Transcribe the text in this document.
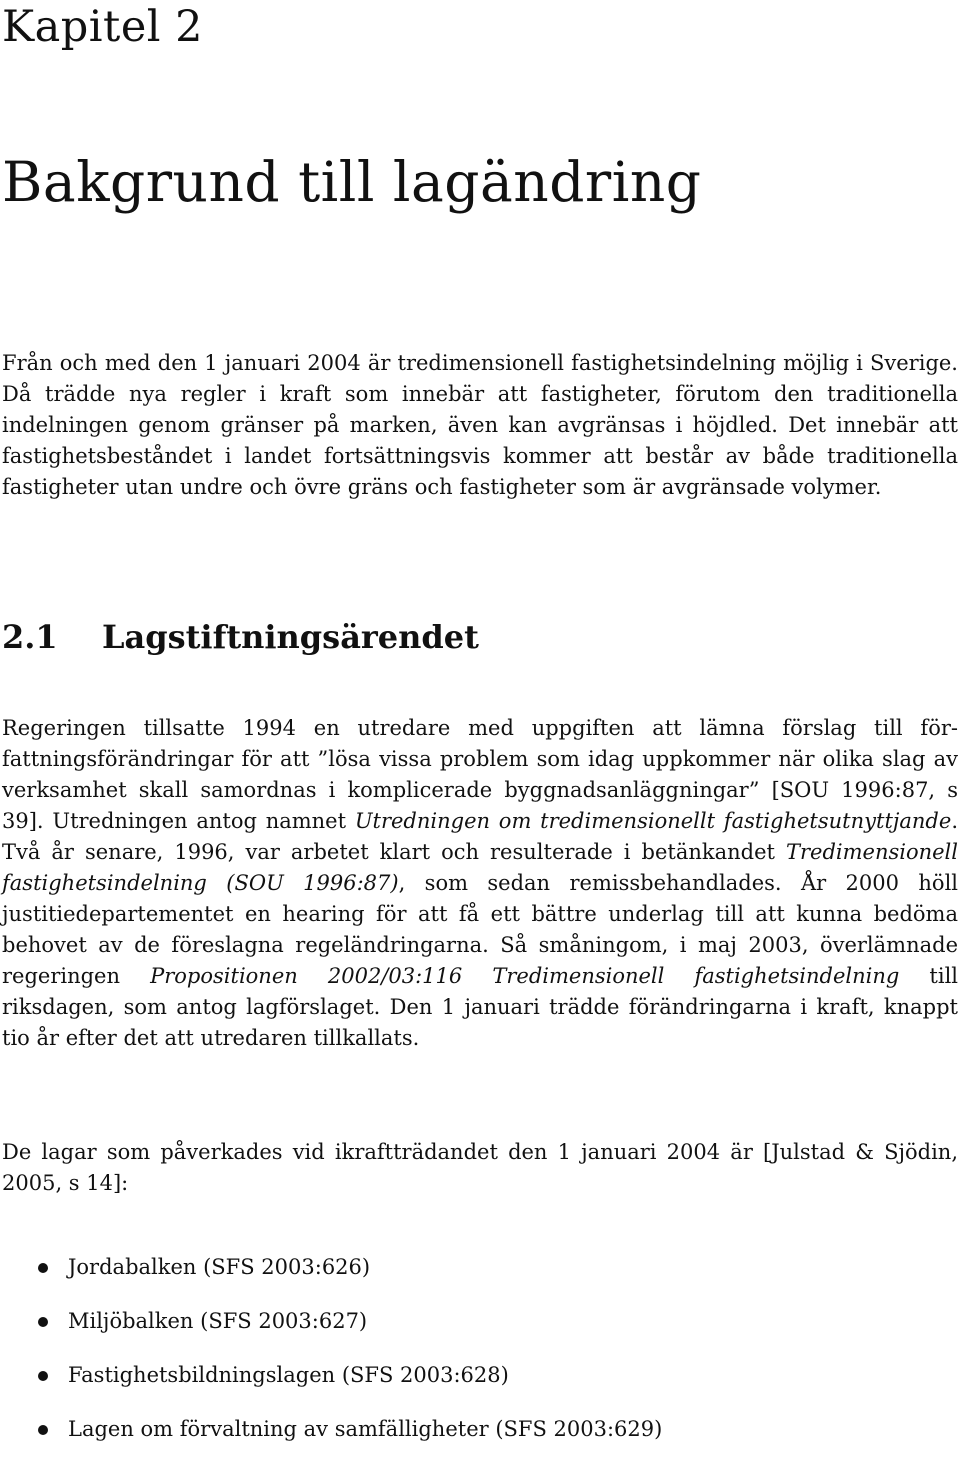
Kapitel 2
Bakgrund till lagändring

Från och med den 1 januari 2004 är tredimensionell fastighetsindelning möjlig i Sverige. Då trädde nya regler i kraft som innebär att fastigheter, förutom den traditionella indelningen genom gränser på marken, även kan avgränsas i höjdled. Det innebär att fastighetsbeståndet i landet fortsättningsvis kommer att består av både traditionella fastigheter utan undre och övre gräns och fastigheter som är avgränsade volymer.

2.1 Lagstiftningsärendet

Regeringen tillsatte 1994 en utredare med uppgiften att lämna förslag till författningsförändringar för att ”lösa vissa problem som idag uppkommer när olika slag av verksamhet skall samordnas i komplicerade byggnadsanläggningar” [SOU 1996:87, s 39]. Utredningen antog namnet Utredningen om tredimensionellt fastighetsutnyttjande. Två år senare, 1996, var arbetet klart och resulterade i betänkandet Tredimensionell fastighetsindelning (SOU 1996:87), som sedan remissbehandlades. År 2000 höll justitiedepartementet en hearing för att få ett bättre underlag till att kunna bedöma behovet av de föreslagna regeländringarna. Så småningom, i maj 2003, överlämnade regeringen Propositionen 2002/03:116 Tredimensionell fastighetsindelning till riksdagen, som antog lagförslaget. Den 1 januari trädde förändringarna i kraft, knappt tio år efter det att utredaren tillkallats.

De lagar som påverkades vid ikraftträdandet den 1 januari 2004 är [Julstad & Sjödin, 2005, s 14]:

Jordabalken (SFS 2003:626)
Miljöbalken (SFS 2003:627)
Fastighetsbildningslagen (SFS 2003:628)
Lagen om förvaltning av samfälligheter (SFS 2003:629)
